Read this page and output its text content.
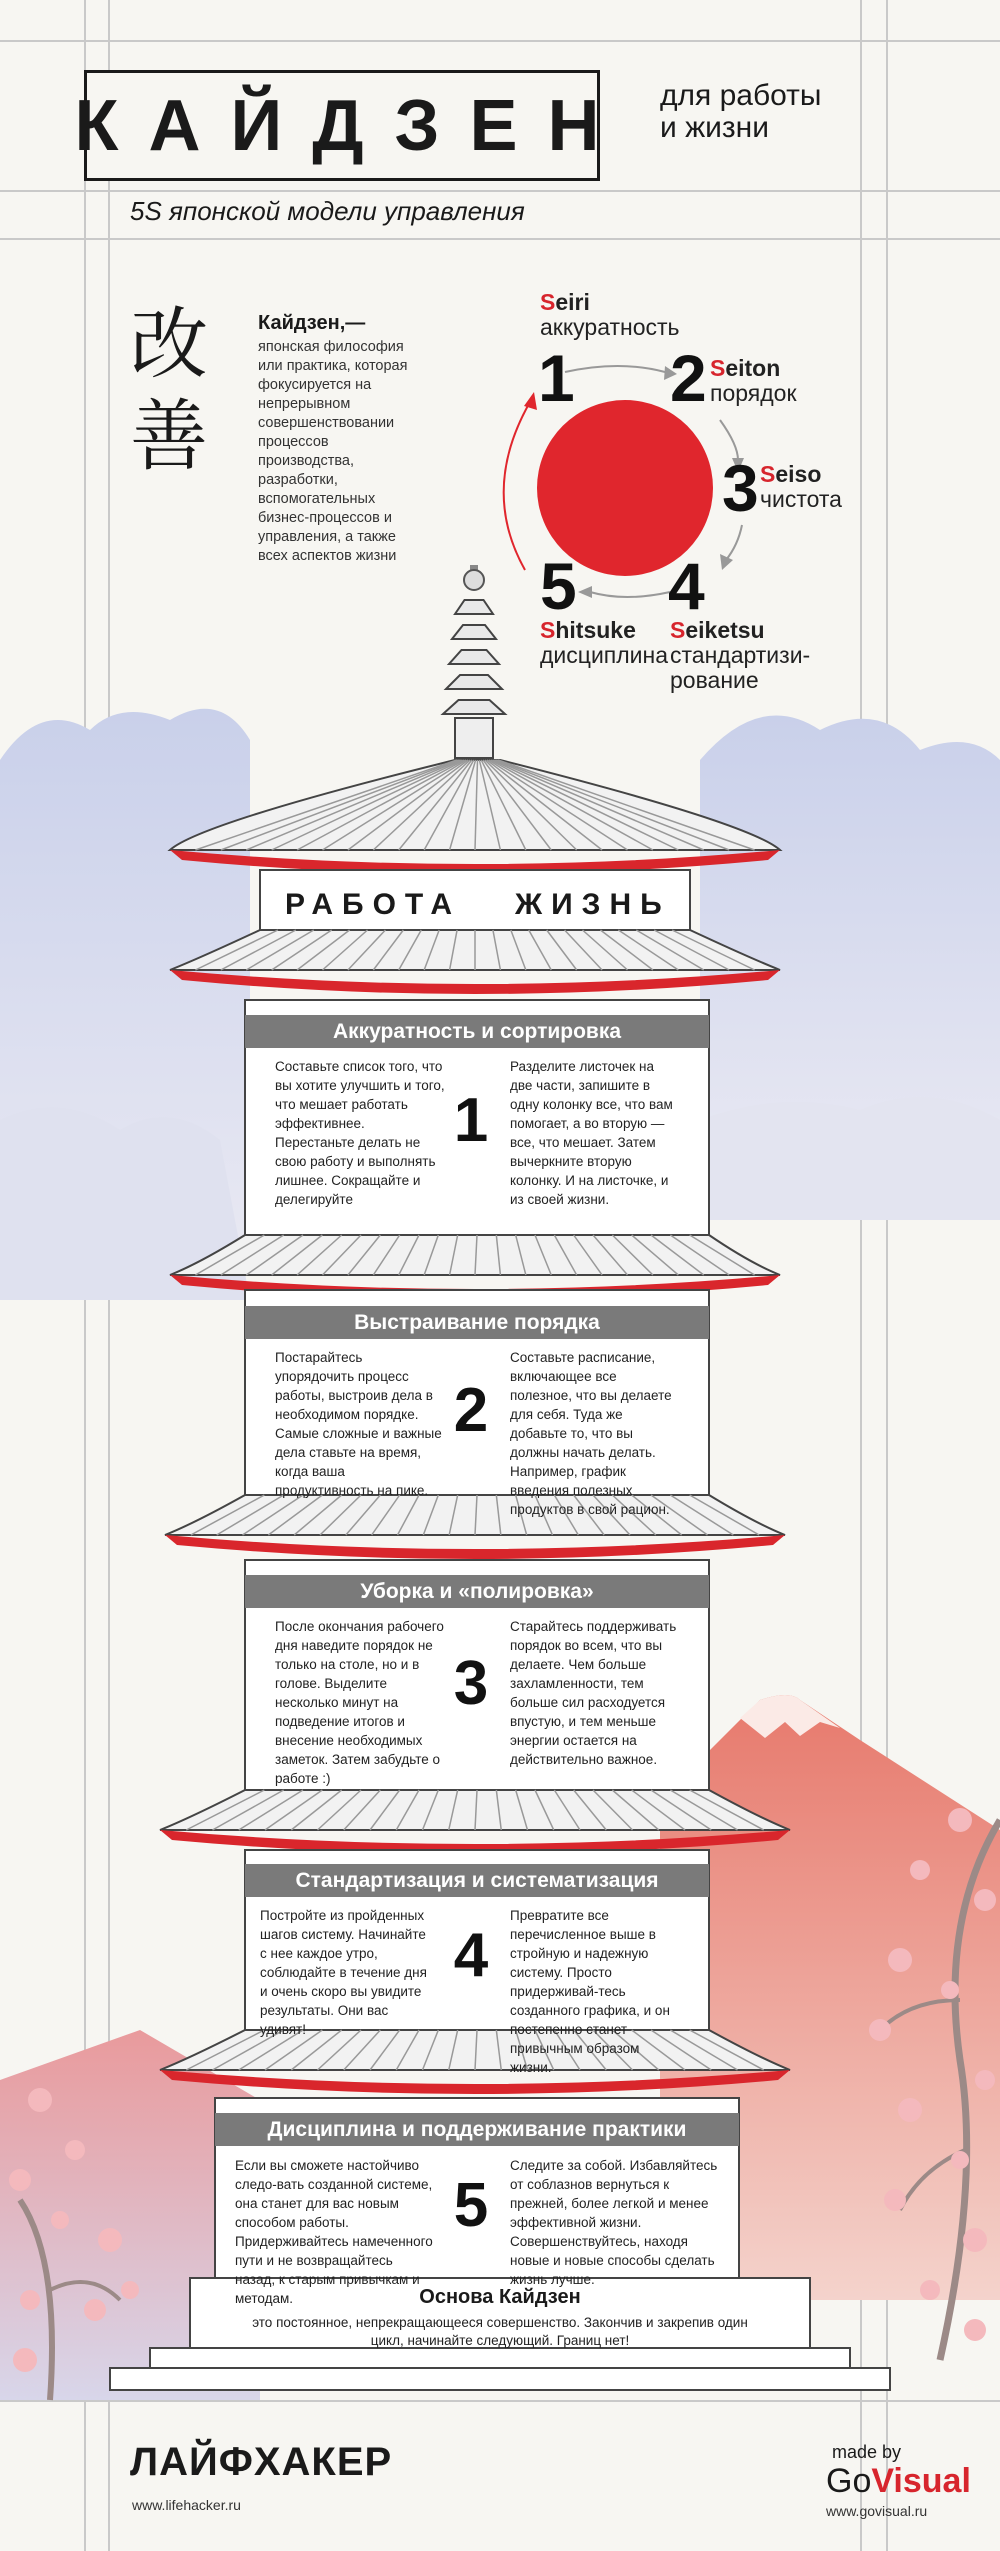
КАЙДЗЕН для работы
и жизни
5S японской модели управления
改
善
Кайдзен,—
японская философия или практика, которая фокусируется на непрерывном совершенствовании процессов производства, разработки, вспомогательных бизнес-процессов и управления, а также всех аспектов жизни
1
Seiri
аккуратность
2 Seiton
порядок
3 Seiso
чистота
4
Seiketsu
стандартизи-
рование
5
Shitsuke
дисциплина
РАБОТА ЖИЗНЬ
Аккуратность и сортировка
Составьте список того, что вы хотите улучшить и того, что мешает работать эффективнее. Перестаньте делать не свою работу и выполнять лишнее. Сокращайте и делегируйте
1
Разделите листочек на две части, запишите в одну колонку все, что вам помогает, а во вторую — все, что мешает. Затем вычеркните вторую колонку. И на листочке, и из своей жизни.
Выстраивание порядка
Постарайтесь упорядочить процесс работы, выстроив дела в необходимом порядке. Самые сложные и важные дела ставьте на время, когда ваша продуктивность на пике.
2
Составьте расписание, включающее все полезное, что вы делаете для себя. Туда же добавьте то, что вы должны начать делать. Например, график введения полезных продуктов в свой рацион.
Уборка и «полировка»
После окончания рабочего дня наведите порядок не только на столе, но и в голове. Выделите несколько минут на подведение итогов и внесение необходимых заметок. Затем забудьте о работе :)
3
Старайтесь поддерживать порядок во всем, что вы делаете. Чем больше захламленности, тем больше сил расходуется впустую, и тем меньше энергии остается на действительно важное.
Стандартизация и систематизация
Постройте из пройденных шагов систему. Начинайте с нее каждое утро, соблюдайте в течение дня и очень скоро вы увидите результаты. Они вас удивят!
4
Превратите все перечисленное выше в стройную и надежную систему. Просто придерживай-тесь созданного графика, и он постепенно станет привычным образом жизни.
Дисциплина и поддерживание практики
Если вы сможете настойчиво следо-вать созданной системе, она станет для вас новым способом работы. Придерживайтесь намеченного пути и не возвращайтесь назад, к старым привычкам и методам.
5
Следите за собой. Избавляйтесь от соблазнов вернуться к прежней, более легкой и менее эффективной жизни. Совершенствуйтесь, находя новые и новые способы сделать жизнь лучше.
Основа Кайдзен
это постоянное, непрекращающееся совершенство. Закончив и закрепив один цикл, начинайте следующий. Границ нет!
ЛАЙФХАКЕР
www.lifehacker.ru
made by
GoVisual
www.govisual.ru
